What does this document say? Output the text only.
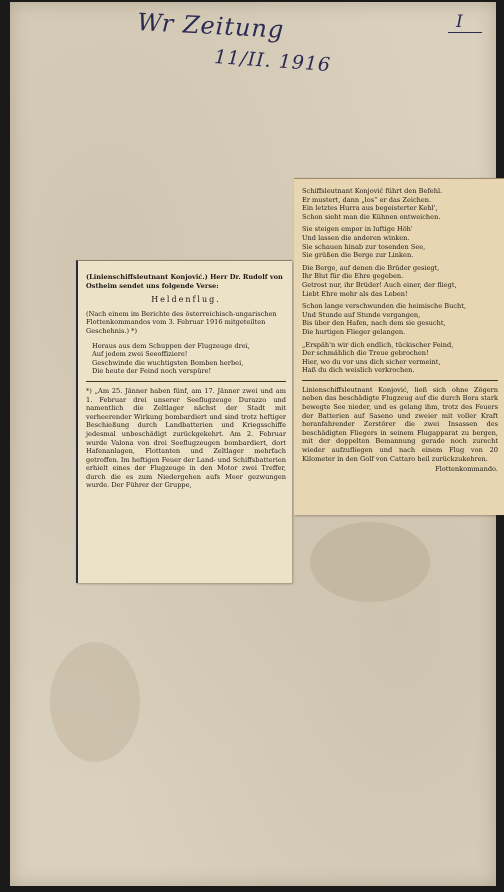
Wr Zeitung
11/II. 1916
I

(Linienschiffsleutnant Konjović.) Herr Dr. Rudolf von Ostheim sendet uns folgende Verse:

Heldenflug.

(Nach einem im Berichte des österreichisch-ungarischen Flottenkommandos vom 3. Februar 1916 mitgeteilten Geschehnis.) *)

Heraus aus dem Schuppen der Flugzeuge drei,

Auf jedem zwei Seeoffiziere!

Geschwinde die wuchtigsten Bomben herbei,

Die heute der Feind noch verspüre!

*) „Am 25. Jänner haben fünf, am 17. Jänner zwei und am 1. Februar drei unserer Seeflugzeuge Durazzo und namentlich die Zeltlager nächst der Stadt mit verheerender Wirkung bombardiert und sind trotz heftiger Beschießung durch Landbatterien und Kriegsschiffe jedesmal unbeschädigt zurückgekehrt. Am 2. Februar wurde Valona von drei Seeflugzeugen bombardiert, dort Hafenanlagen, Flottanten und Zeltlager mehrfach getroffen. Im heftigen Feuer der Land- und Schiffsbatterien erhielt eines der Flugzeuge in den Motor zwei Treffer, durch die es zum Niedergehen aufs Meer gezwungen wurde. Der Führer der Gruppe,

Schiffsleutnant Konjović führt den Befehl.

Er mustert, dann „los“ er das Zeichen.

Ein letztes Hurra aus begeisterter Kehl',

Schon sieht man die Kühnen entweichen.

Sie steigen empor in luftige Höh'

Und lassen die anderen winken.

Sie schauen hinab zur tosenden See,

Sie grüßen die Berge zur Linken.

Die Berge, auf denen die Brüder gesiegt,

Ihr Blut für die Ehre gegeben.

Getrost nur, ihr Brüder! Auch einer, der fliegt,

Liebt Ehre mehr als das Leben!

Schon lange verschwunden die heimische Bucht,

Und Stunde auf Stunde vergangen,

Bis über den Hafen, nach dem sie gesucht,

Die hurtigen Flieger gelangen.

„Erspäh'n wir dich endlich, tückischer Feind,

Der schmählich die Treue gebrochen!

Hier, wo du vor uns dich sicher vermeint,

Haß du dich weislich verkrochen.

Linienschiffsleutnant Konjović, ließ sich ohne Zögern neben das beschädigte Flugzeug auf die durch Bora stark bewegte See nieder, und es gelang ihm, trotz des Feuers der Batterien auf Saseno und zweier mit voller Kraft heranfahrender Zerstörer die zwei Insassen des beschädigten Fliegers in seinem Flugapparat zu bergen, mit der doppelten Bemannung gerade noch zurecht wieder aufzufliegen und nach einem Flug von 20 Kilometer in den Golf von Cattaro heil zurückzukehren.

Flottenkommando.
